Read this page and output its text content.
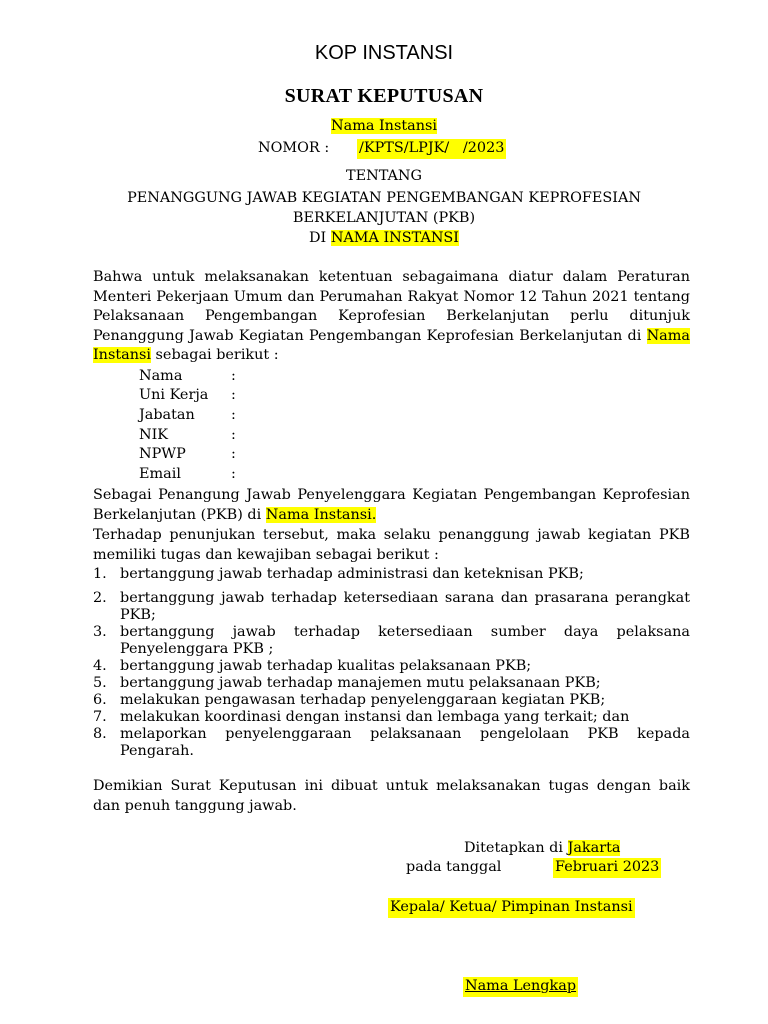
KOP INSTANSI
SURAT KEPUTUSAN
Nama Instansi
NOMOR : /KPTS/LPJK/   /2023
TENTANG
PENANGGUNG JAWAB KEGIATAN PENGEMBANGAN KEPROFESIAN
BERKELANJUTAN (PKB)
DI NAMA INSTANSI
Bahwa untuk melaksanakan ketentuan sebagaimana diatur dalam Peraturan Menteri Pekerjaan Umum dan Perumahan Rakyat Nomor 12 Tahun 2021 tentang Pelaksanaan Pengembangan Keprofesian Berkelanjutan perlu ditunjuk Penanggung Jawab Kegiatan Pengembangan Keprofesian Berkelanjutan di Nama Instansi sebagai berikut :
Nama	:
Uni Kerja :
Jabatan	:
NIK	:
NPWP	:
Email	:
Sebagai Penangung Jawab Penyelenggara Kegiatan Pengembangan Keprofesian Berkelanjutan (PKB) di Nama Instansi.
Terhadap penunjukan tersebut, maka selaku penanggung jawab kegiatan PKB memiliki tugas dan kewajiban sebagai berikut :
1. bertanggung jawab terhadap administrasi dan keteknisan PKB;
2. bertanggung jawab terhadap ketersediaan sarana dan prasarana perangkat PKB;
3. bertanggung jawab terhadap ketersediaan sumber daya pelaksana Penyelenggara PKB ;
4. bertanggung jawab terhadap kualitas pelaksanaan PKB;
5. bertanggung jawab terhadap manajemen mutu pelaksanaan PKB;
6. melakukan pengawasan terhadap penyelenggaraan kegiatan PKB;
7. melakukan koordinasi dengan instansi dan lembaga yang terkait; dan
8. melaporkan penyelenggaraan pelaksanaan pengelolaan PKB kepada Pengarah.
Demikian Surat Keputusan ini dibuat untuk melaksanakan tugas dengan baik dan penuh tanggung jawab.
Ditetapkan di Jakarta
pada tanggal	Februari 2023
Kepala/ Ketua/ Pimpinan Instansi
Nama Lengkap
